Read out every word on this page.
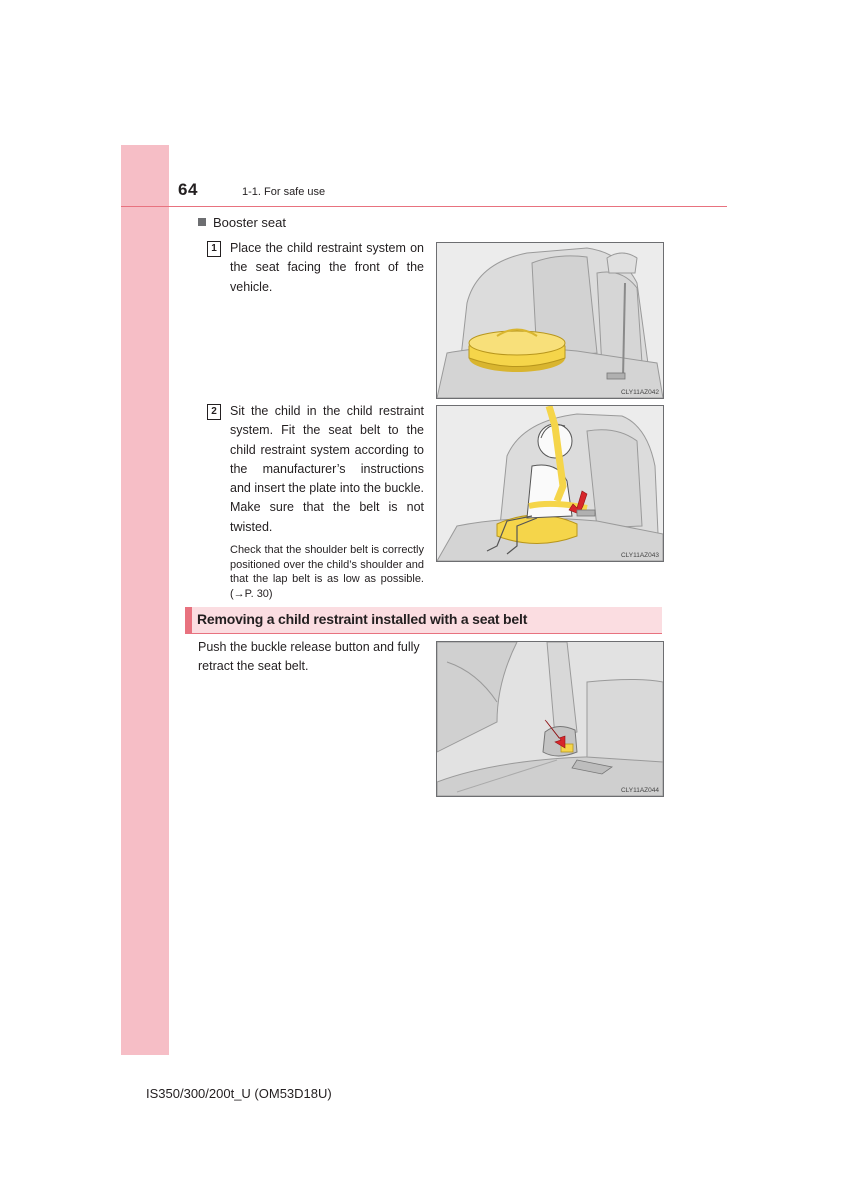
64	1-1. For safe use
Booster seat
1	Place the child restraint system on the seat facing the front of the vehicle.
CLY11AZ042
2	Sit the child in the child restraint system. Fit the seat belt to the child restraint system according to the manufacturer’s instructions and insert the plate into the buckle. Make sure that the belt is not twisted.
Check that the shoulder belt is correctly positioned over the child’s shoulder and that the lap belt is as low as possible. (→P. 30)
CLY11AZ043
Removing a child restraint installed with a seat belt
Push the buckle release button and fully retract the seat belt.
CLY11AZ044
IS350/300/200t_U (OM53D18U)
